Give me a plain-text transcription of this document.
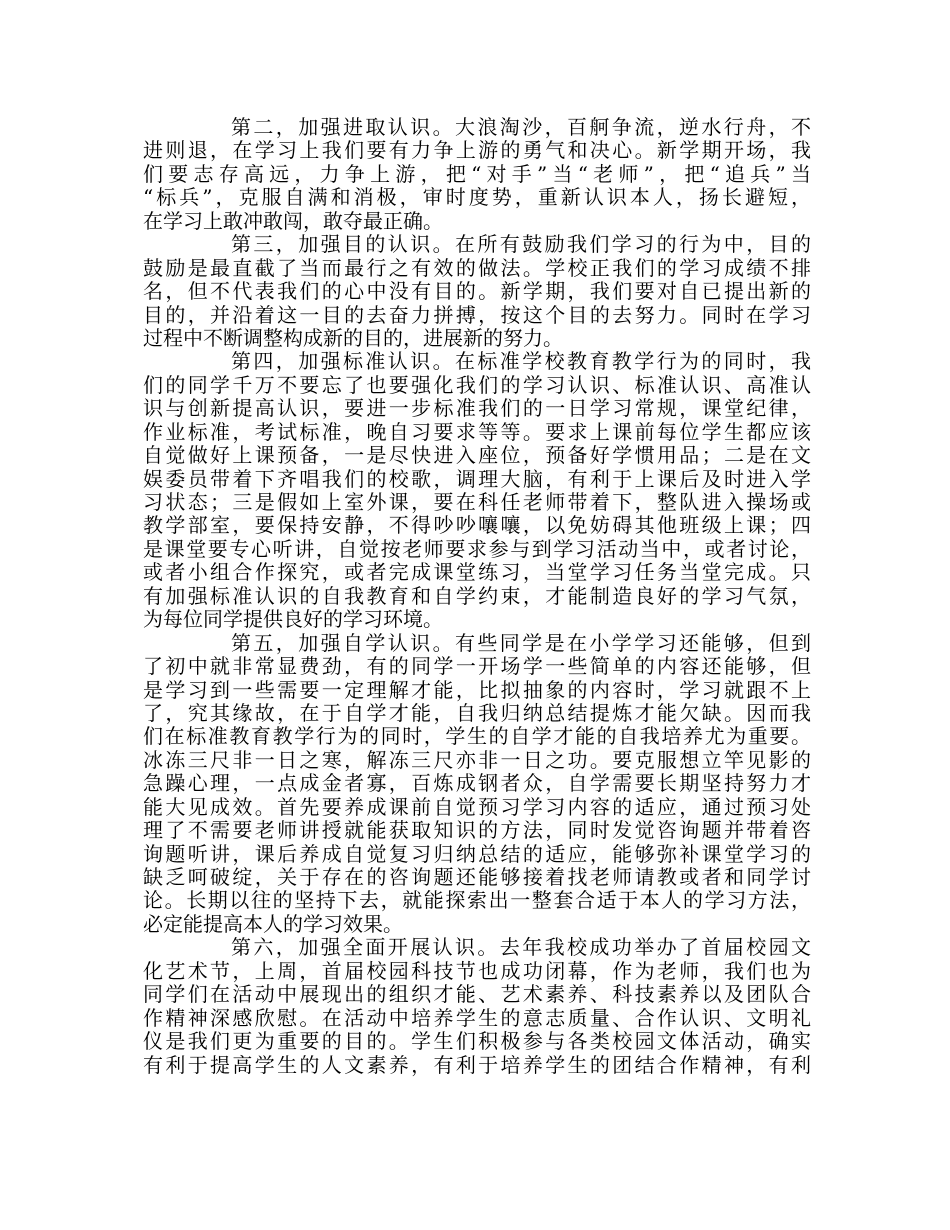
第二，加强进取认识。大浪淘沙，百舸争流，逆水行舟，不
进则退，在学习上我们要有力争上游的勇气和决心。新学期开场，我
们要志存高远，力争上游，把“对手”当“老师”，把“追兵”当
“标兵”，克服自满和消极，审时度势，重新认识本人，扬长避短，
在学习上敢冲敢闯，敢夺最正确。
第三，加强目的认识。在所有鼓励我们学习的行为中，目的
鼓励是最直截了当而最行之有效的做法。学校正我们的学习成绩不排
名，但不代表我们的心中没有目的。新学期，我们要对自已提出新的
目的，并沿着这一目的去奋力拼搏，按这个目的去努力。同时在学习
过程中不断调整构成新的目的，进展新的努力。
第四，加强标准认识。在标准学校教育教学行为的同时，我
们的同学千万不要忘了也要强化我们的学习认识、标准认识、高准认
识与创新提高认识，要进一步标准我们的一日学习常规，课堂纪律，
作业标准，考试标准，晚自习要求等等。要求上课前每位学生都应该
自觉做好上课预备，一是尽快进入座位，预备好学惯用品；二是在文
娱委员带着下齐唱我们的校歌，调理大脑，有利于上课后及时进入学
习状态；三是假如上室外课，要在科任老师带着下，整队进入操场或
教学部室，要保持安静，不得吵吵嚷嚷，以免妨碍其他班级上课；四
是课堂要专心听讲，自觉按老师要求参与到学习活动当中，或者讨论，
或者小组合作探究，或者完成课堂练习，当堂学习任务当堂完成。只
有加强标准认识的自我教育和自学约束，才能制造良好的学习气氛，
为每位同学提供良好的学习环境。
第五，加强自学认识。有些同学是在小学学习还能够，但到
了初中就非常显费劲，有的同学一开场学一些简单的内容还能够，但
是学习到一些需要一定理解才能，比拟抽象的内容时，学习就跟不上
了，究其缘故，在于自学才能，自我归纳总结提炼才能欠缺。因而我
们在标准教育教学行为的同时，学生的自学才能的自我培养尤为重要。
冰冻三尺非一日之寒，解冻三尺亦非一日之功。要克服想立竿见影的
急躁心理，一点成金者寡，百炼成钢者众，自学需要长期坚持努力才
能大见成效。首先要养成课前自觉预习学习内容的适应，通过预习处
理了不需要老师讲授就能获取知识的方法，同时发觉咨询题并带着咨
询题听讲，课后养成自觉复习归纳总结的适应，能够弥补课堂学习的
缺乏呵破绽，关于存在的咨询题还能够接着找老师请教或者和同学讨
论。长期以往的坚持下去，就能探索出一整套合适于本人的学习方法，
必定能提高本人的学习效果。
第六，加强全面开展认识。去年我校成功举办了首届校园文
化艺术节，上周，首届校园科技节也成功闭幕，作为老师，我们也为
同学们在活动中展现出的组织才能、艺术素养、科技素养以及团队合
作精神深感欣慰。在活动中培养学生的意志质量、合作认识、文明礼
仪是我们更为重要的目的。学生们积极参与各类校园文体活动，确实
有利于提高学生的人文素养，有利于培养学生的团结合作精神，有利
